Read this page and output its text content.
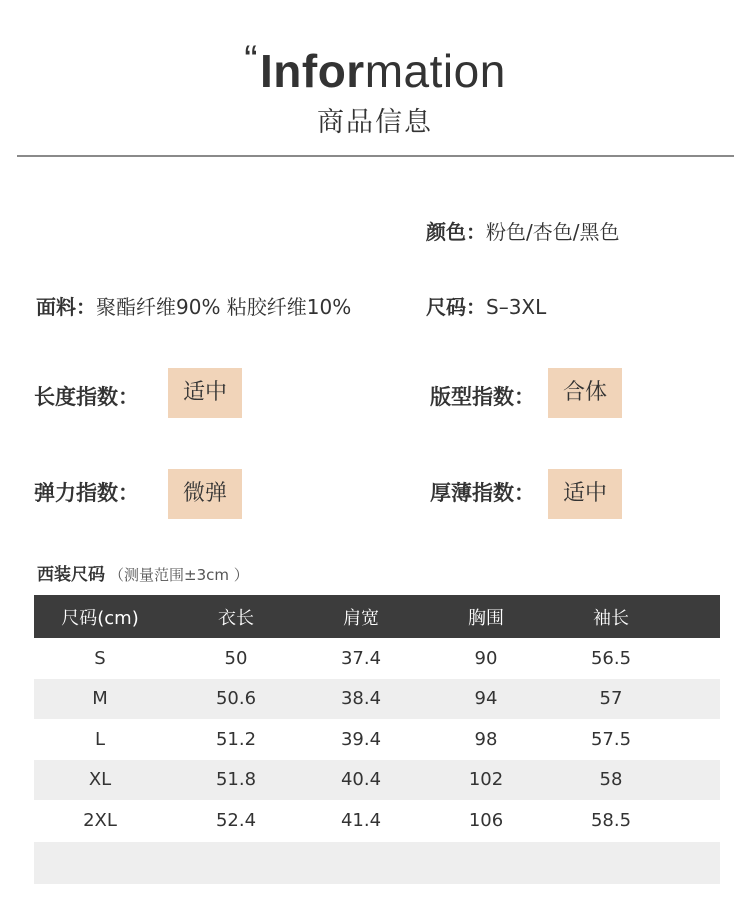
“Information
商品信息
颜色：粉色/杏色/黑色
面料：聚酯纤维90% 粘胶纤维10%	尺码：S–3XL
长度指数：	适中	版型指数：	合体
弹力指数：	微弹	厚薄指数：	适中
西装尺码 （测量范围±3cm ）
尺码(cm)	衣长	肩宽	胸围	袖长
S	50	37.4	90	56.5
M	50.6	38.4	94	57
L	51.2	39.4	98	57.5
XL	51.8	40.4	102	58
2XL	52.4	41.4	106	58.5
